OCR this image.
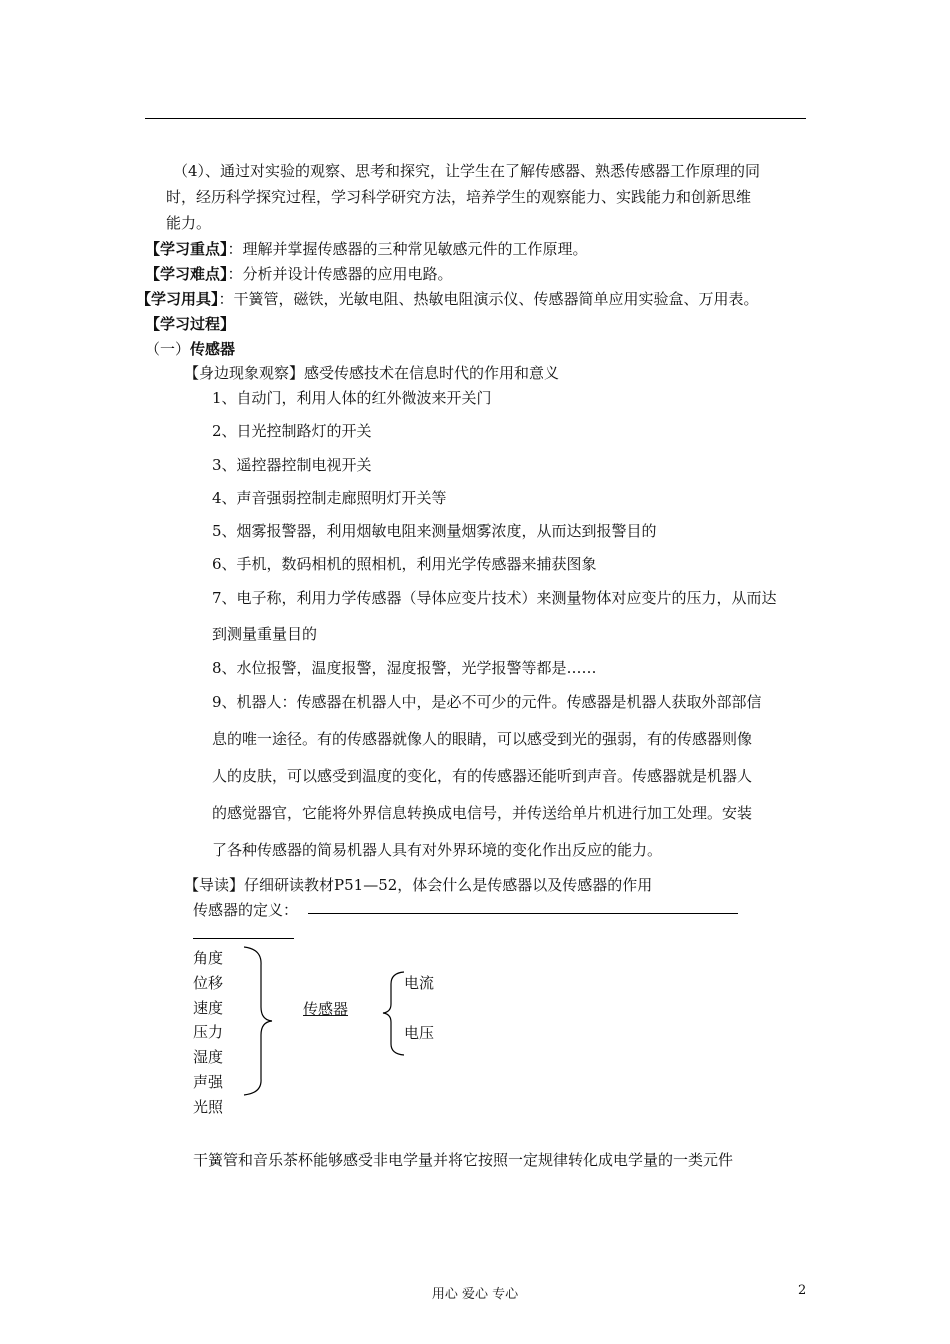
（4）、通过对实验的观察、思考和探究，让学生在了解传感器、熟悉传感器工作原理的同
时，经历科学探究过程，学习科学研究方法，培养学生的观察能力、实践能力和创新思维
能力。
【学习重点】：理解并掌握传感器的三种常见敏感元件的工作原理。
【学习难点】：分析并设计传感器的应用电路。
【学习用具】：干簧管，磁铁，光敏电阻、热敏电阻演示仪、传感器简单应用实验盒、万用表。
【学习过程】
（一）传感器
【身边现象观察】感受传感技术在信息时代的作用和意义
1、自动门，利用人体的红外微波来开关门
2、日光控制路灯的开关
3、遥控器控制电视开关
4、声音强弱控制走廊照明灯开关等
5、烟雾报警器，利用烟敏电阻来测量烟雾浓度，从而达到报警目的
6、手机，数码相机的照相机，利用光学传感器来捕获图象
7、电子称，利用力学传感器（导体应变片技术）来测量物体对应变片的压力，从而达
到测量重量目的
8、水位报警，温度报警，湿度报警，光学报警等都是……
9、机器人：传感器在机器人中，是必不可少的元件。传感器是机器人获取外部部信
息的唯一途径。有的传感器就像人的眼睛，可以感受到光的强弱，有的传感器则像
人的皮肤，可以感受到温度的变化，有的传感器还能听到声音。传感器就是机器人
的感觉器官，它能将外界信息转换成电信号，并传送给单片机进行加工处理。安装
了各种传感器的简易机器人具有对外界环境的变化作出反应的能力。
【导读】仔细研读教材P51—52，体会什么是传感器以及传感器的作用
传感器的定义：
角度
位移
速度
压力
湿度
声强
光照
传感器
电流
电压
干簧管和音乐茶杯能够感受非电学量并将它按照一定规律转化成电学量的一类元件
用心 爱心 专心	2
